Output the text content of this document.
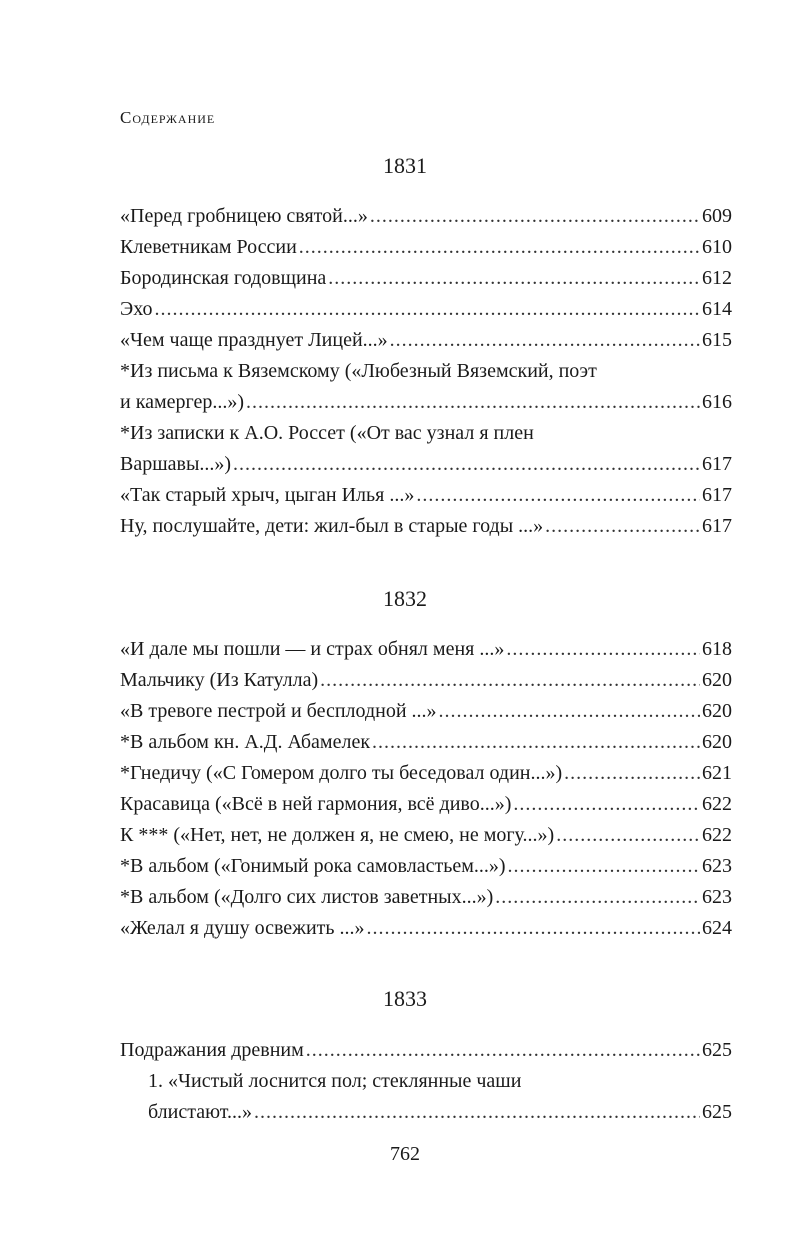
Содержание
1831
«Перед гробницею святой...» .....	609
Клеветникам России .....	610
Бородинская годовщина .....	612
Эхо .....	614
«Чем чаще празднует Лицей...» .....	615
*Из письма к Вяземскому («Любезный Вяземский, поэт
и камергер...») .....	616
*Из записки к А.О. Россет («От вас узнал я плен
Варшавы...») .....	617
«Так старый хрыч, цыган Илья ...» .....	617
Ну, послушайте, дети: жил-был в старые годы ...» .....	617
1832
«И дале мы пошли — и страх обнял меня ...» .....	618
Мальчику (Из Катулла) .....	620
«В тревоге пестрой и бесплодной ...» .....	620
*В альбом кн. А.Д. Абамелек .....	620
*Гнедичу («С Гомером долго ты беседовал один...») .....	621
Красавица («Всё в ней гармония, всё диво...») .....	622
К *** («Нет, нет, не должен я, не смею, не могу...») .....	622
*В альбом («Гонимый рока самовластьем...») .....	623
*В альбом («Долго сих листов заветных...») .....	623
«Желал я душу освежить ...» .....	624
1833
Подражания древним .....	625
1. «Чистый лоснится пол; стеклянные чаши
блистают...» .....	625
762
